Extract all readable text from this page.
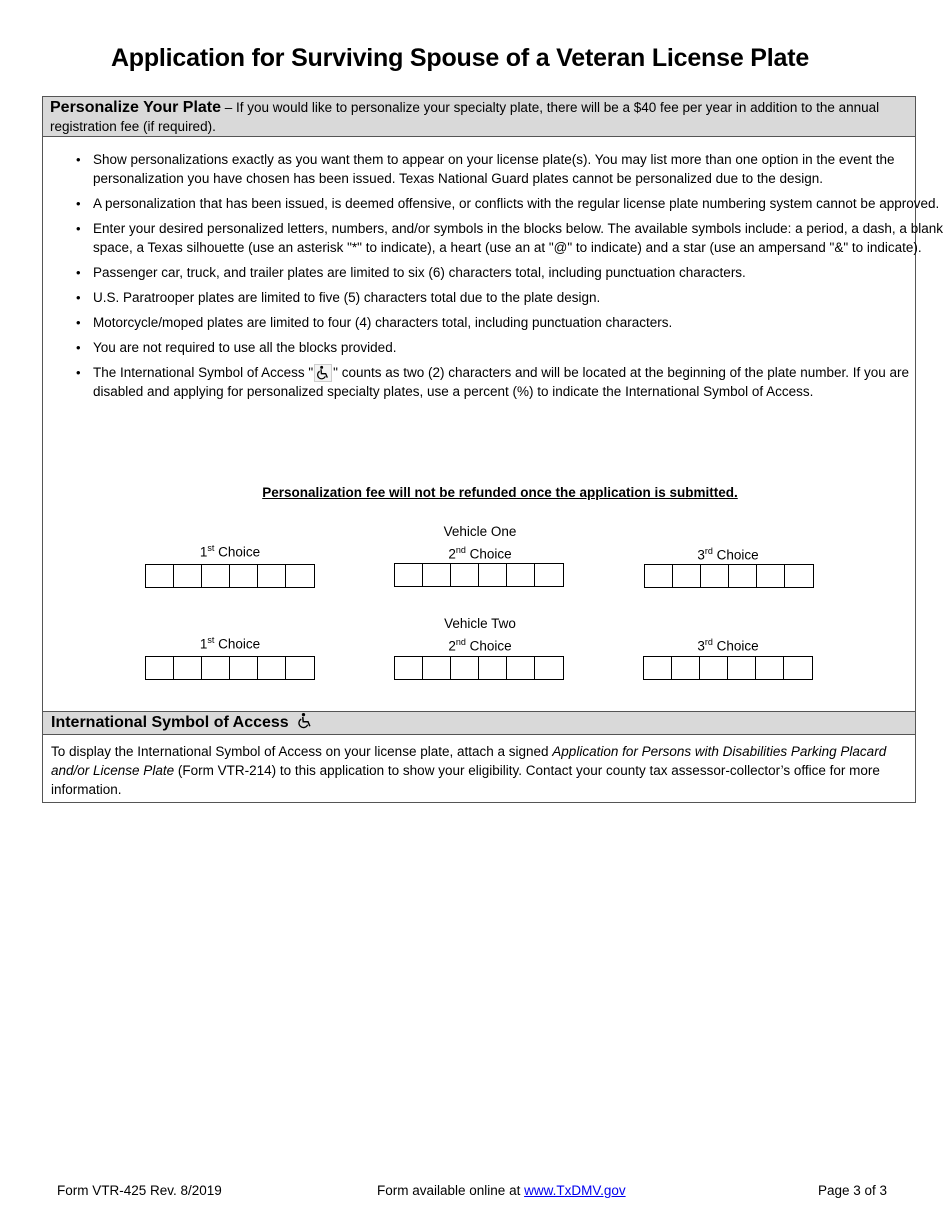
Application for Surviving Spouse of a Veteran License Plate
Personalize Your Plate – If you would like to personalize your specialty plate, there will be a $40 fee per year in addition to the annual registration fee (if required).
• Show personalizations exactly as you want them to appear on your license plate(s). You may list more than one option in the event the personalization you have chosen has been issued. Texas National Guard plates cannot be personalized due to the design.
• A personalization that has been issued, is deemed offensive, or conflicts with the regular license plate numbering system cannot be approved.
• Enter your desired personalized letters, numbers, and/or symbols in the blocks below. The available symbols include: a period, a dash, a blank space, a Texas silhouette (use an asterisk "*" to indicate), a heart (use an at "@" to indicate) and a star (use an ampersand "&" to indicate).
• Passenger car, truck, and trailer plates are limited to six (6) characters total, including punctuation characters.
• U.S. Paratrooper plates are limited to five (5) characters total due to the plate design.
• Motorcycle/moped plates are limited to four (4) characters total, including punctuation characters.
• You are not required to use all the blocks provided.
• The International Symbol of Access " " counts as two (2) characters and will be located at the beginning of the plate number. If you are disabled and applying for personalized specialty plates, use a percent (%) to indicate the International Symbol of Access.
Personalization fee will not be refunded once the application is submitted.
Vehicle One
1st Choice	2nd Choice	3rd Choice
Vehicle Two
1st Choice	2nd Choice	3rd Choice
International Symbol of Access
To display the International Symbol of Access on your license plate, attach a signed Application for Persons with Disabilities Parking Placard and/or License Plate (Form VTR-214) to this application to show your eligibility. Contact your county tax assessor-collector’s office for more information.
Form VTR-425 Rev. 8/2019	Form available online at www.TxDMV.gov	Page 3 of 3
